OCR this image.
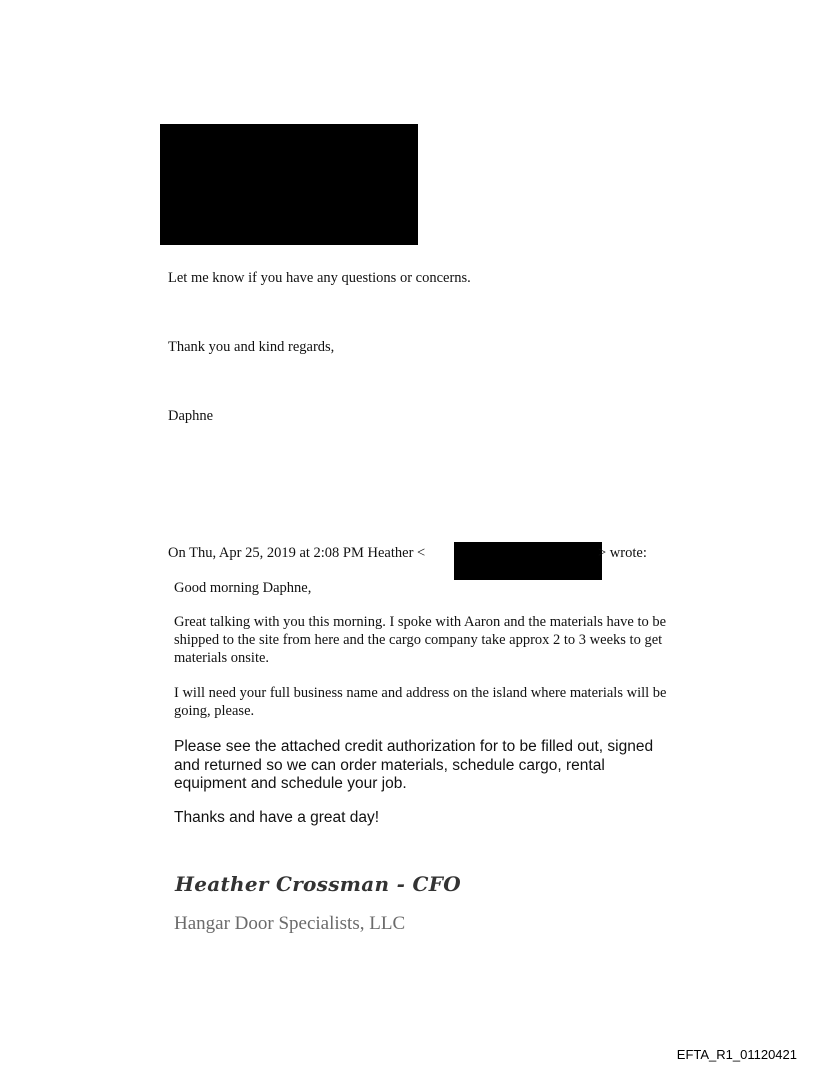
Let me know if you have any questions or concerns.

Thank you and kind regards,

Daphne

On Thu, Apr 25, 2019 at 2:08 PM Heather <	> wrote:

Good morning Daphne,

Great talking with you this morning. I spoke with Aaron and the materials have to be shipped to the site from here and the cargo company take approx 2 to 3 weeks to get materials onsite.

I will need your full business name and address on the island where materials will be going, please.

Please see the attached credit authorization for to be filled out, signed and returned so we can order materials, schedule cargo, rental equipment and schedule your job.

Thanks and have a great day!

Heather Crossman - CFO

Hangar Door Specialists, LLC

EFTA_R1_01120421
